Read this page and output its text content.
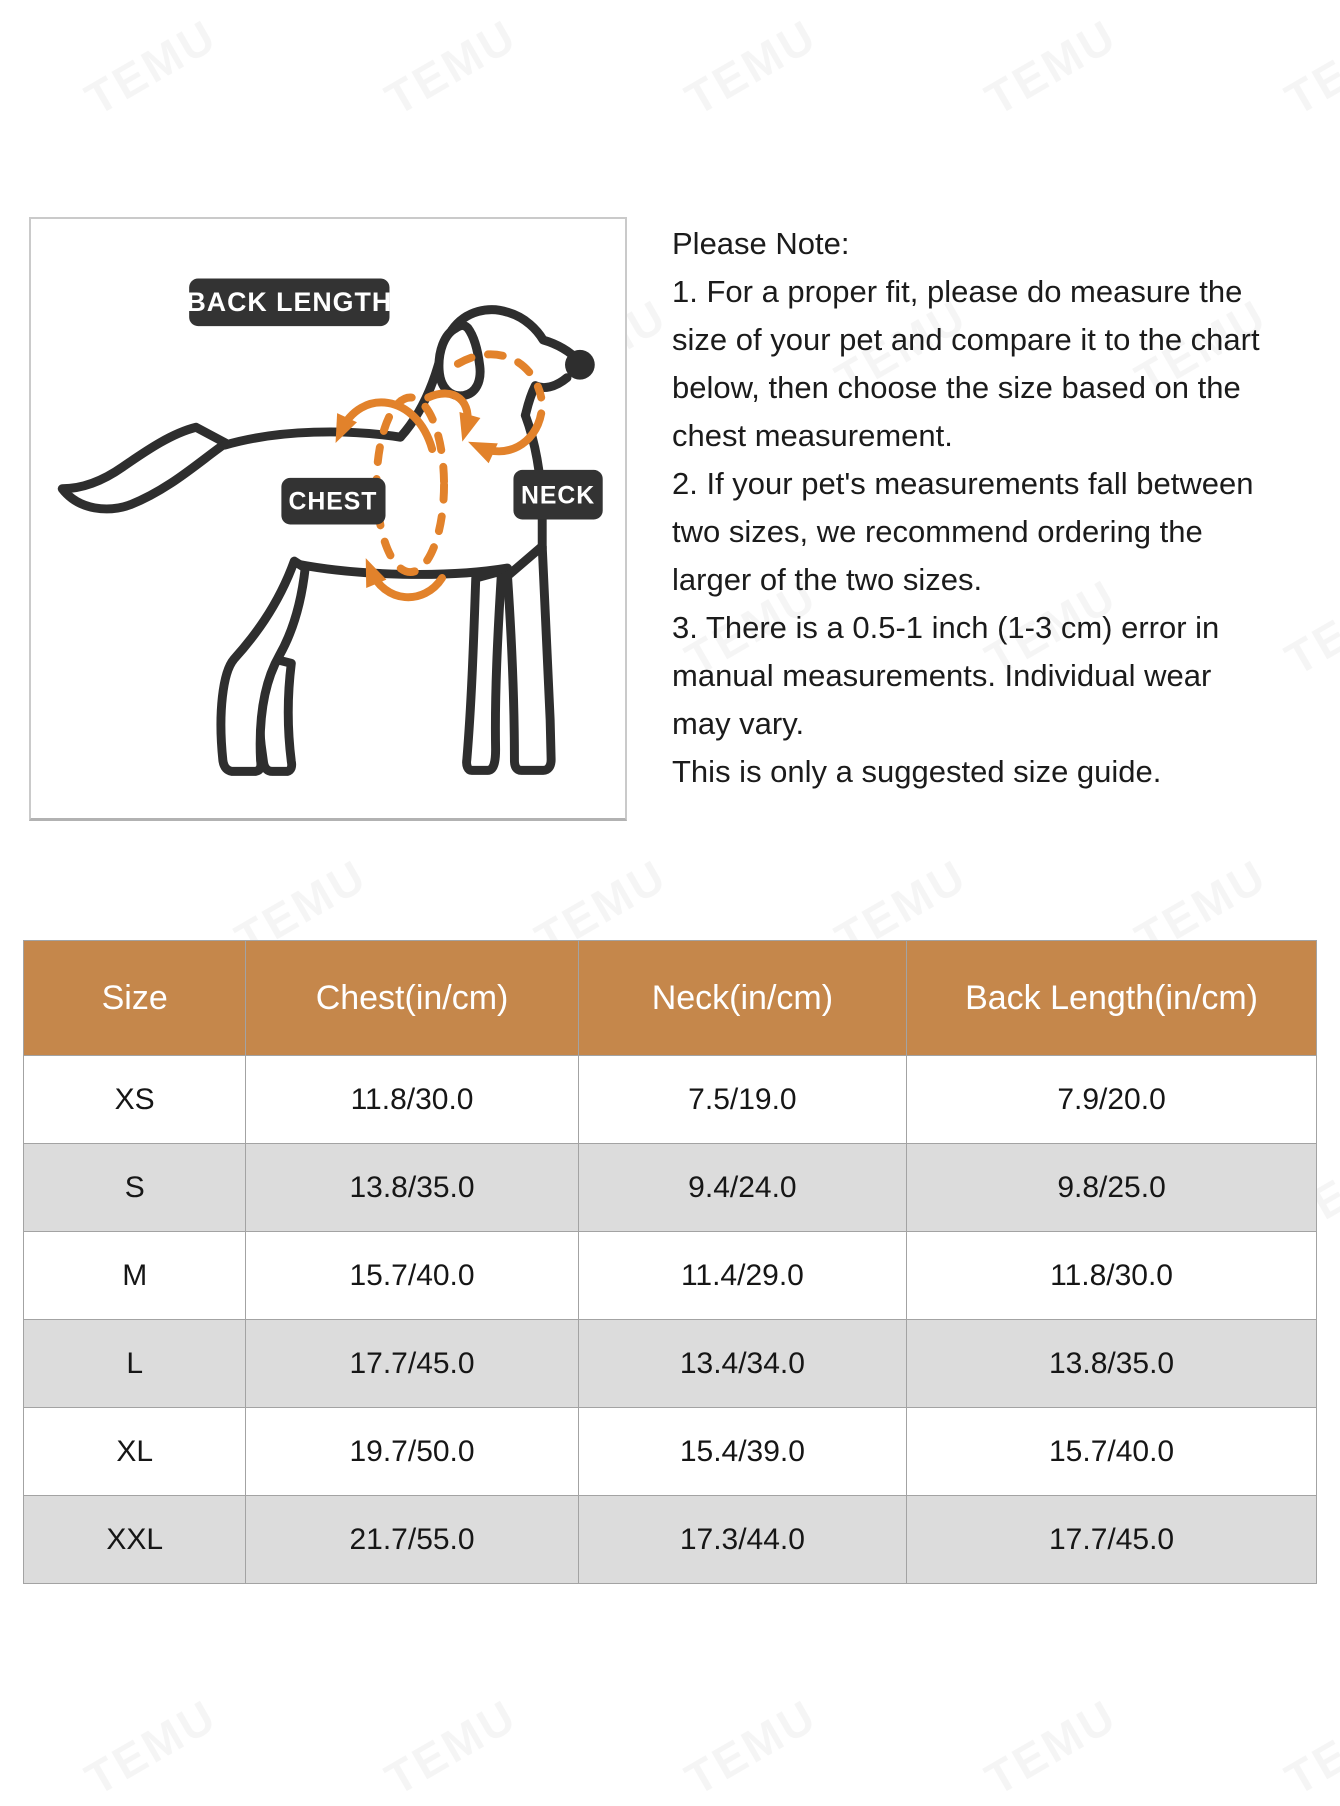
BACK LENGTH
CHEST	NECK
Please Note:
1. For a proper fit, please do measure the
size of your pet and compare it to the chart
below, then choose the size based on the
chest measurement.
2. If your pet's measurements fall between
two sizes, we recommend ordering the
larger of the two sizes.
3. There is a 0.5-1 inch (1-3 cm) error in
manual measurements. Individual wear
may vary.
This is only a suggested size guide.
Size	Chest(in/cm)	Neck(in/cm)	Back Length(in/cm)
XS	11.8/30.0	7.5/19.0	7.9/20.0
S	13.8/35.0	9.4/24.0	9.8/25.0
M	15.7/40.0	11.4/29.0	11.8/30.0
L	17.7/45.0	13.4/34.0	13.8/35.0
XL	19.7/50.0	15.4/39.0	15.7/40.0
XXL	21.7/55.0	17.3/44.0	17.7/45.0
